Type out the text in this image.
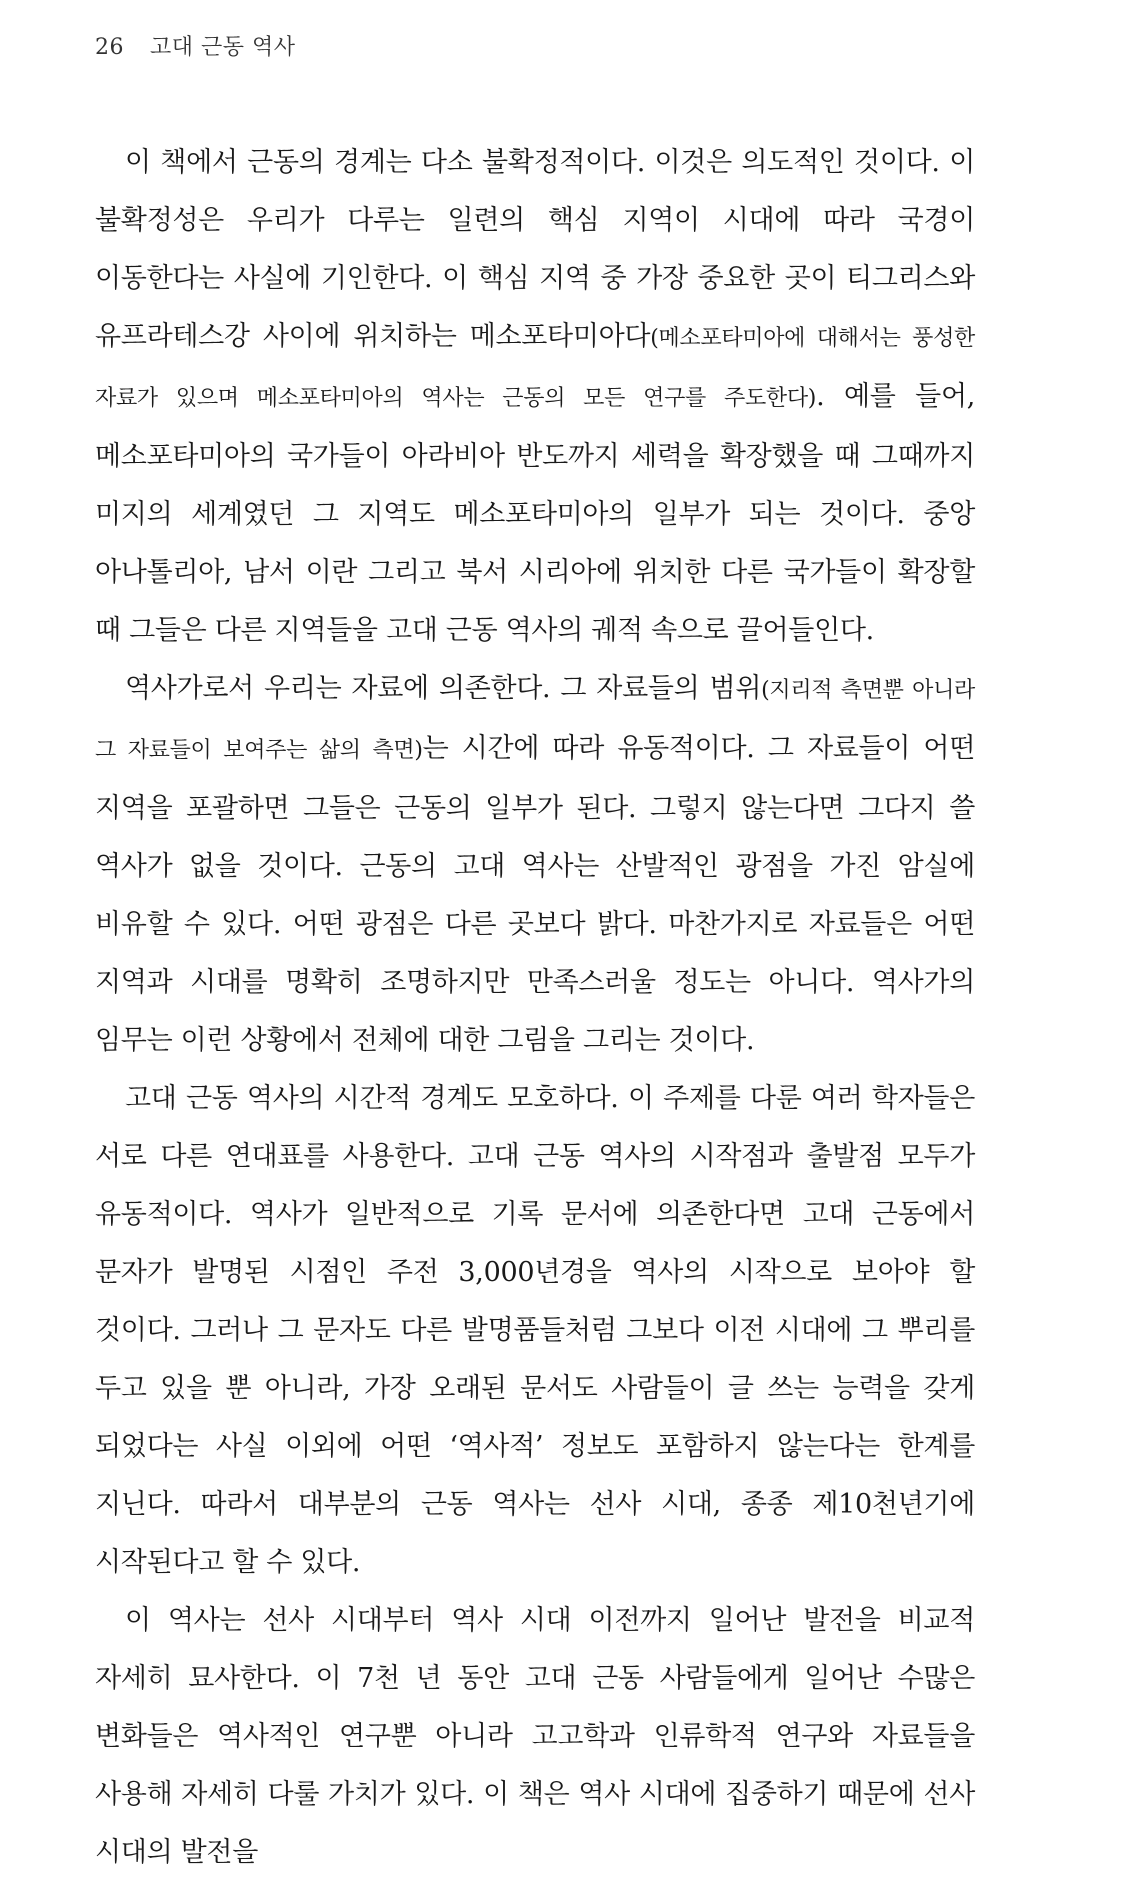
26 고대 근동 역사

이 책에서 근동의 경계는 다소 불확정적이다. 이것은 의도적인 것이다. 이 불확정성은 우리가 다루는 일련의 핵심 지역이 시대에 따라 국경이 이동한다는 사실에 기인한다. 이 핵심 지역 중 가장 중요한 곳이 티그리스와 유프라테스강 사이에 위치하는 메소포타미아다(메소포타미아에 대해서는 풍성한 자료가 있으며 메소포타미아의 역사는 근동의 모든 연구를 주도한다). 예를 들어, 메소포타미아의 국가들이 아라비아 반도까지 세력을 확장했을 때 그때까지 미지의 세계였던 그 지역도 메소포타미아의 일부가 되는 것이다. 중앙 아나톨리아, 남서 이란 그리고 북서 시리아에 위치한 다른 국가들이 확장할 때 그들은 다른 지역들을 고대 근동 역사의 궤적 속으로 끌어들인다.

역사가로서 우리는 자료에 의존한다. 그 자료들의 범위(지리적 측면뿐 아니라 그 자료들이 보여주는 삶의 측면)는 시간에 따라 유동적이다. 그 자료들이 어떤 지역을 포괄하면 그들은 근동의 일부가 된다. 그렇지 않는다면 그다지 쓸 역사가 없을 것이다. 근동의 고대 역사는 산발적인 광점을 가진 암실에 비유할 수 있다. 어떤 광점은 다른 곳보다 밝다. 마찬가지로 자료들은 어떤 지역과 시대를 명확히 조명하지만 만족스러울 정도는 아니다. 역사가의 임무는 이런 상황에서 전체에 대한 그림을 그리는 것이다.

고대 근동 역사의 시간적 경계도 모호하다. 이 주제를 다룬 여러 학자들은 서로 다른 연대표를 사용한다. 고대 근동 역사의 시작점과 출발점 모두가 유동적이다. 역사가 일반적으로 기록 문서에 의존한다면 고대 근동에서 문자가 발명된 시점인 주전 3,000년경을 역사의 시작으로 보아야 할 것이다. 그러나 그 문자도 다른 발명품들처럼 그보다 이전 시대에 그 뿌리를 두고 있을 뿐 아니라, 가장 오래된 문서도 사람들이 글 쓰는 능력을 갖게 되었다는 사실 이외에 어떤 ‘역사적’ 정보도 포함하지 않는다는 한계를 지닌다. 따라서 대부분의 근동 역사는 선사 시대, 종종 제10천년기에 시작된다고 할 수 있다.

이 역사는 선사 시대부터 역사 시대 이전까지 일어난 발전을 비교적 자세히 묘사한다. 이 7천 년 동안 고대 근동 사람들에게 일어난 수많은 변화들은 역사적인 연구뿐 아니라 고고학과 인류학적 연구와 자료들을 사용해 자세히 다룰 가치가 있다. 이 책은 역사 시대에 집중하기 때문에 선사 시대의 발전을
